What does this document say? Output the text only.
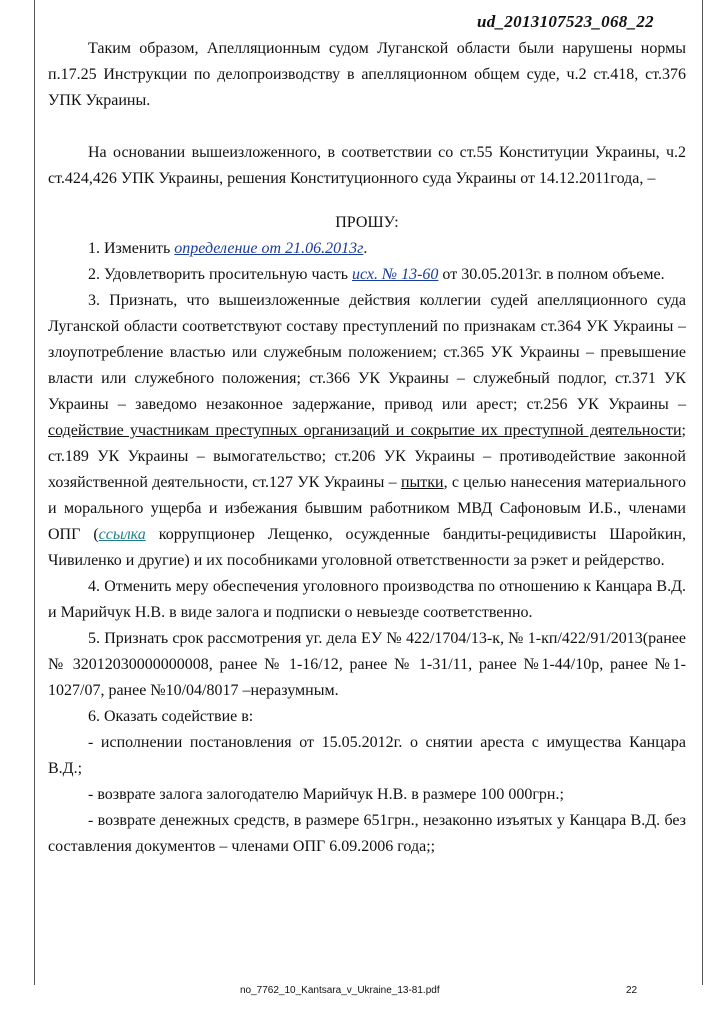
ud_2013107523_068_22

Таким образом, Апелляционным судом Луганской области были нарушены нормы п.17.25 Инструкции по делопроизводству в апелляционном общем суде, ч.2 ст.418, ст.376 УПК Украины.

На основании вышеизложенного, в соответствии со ст.55 Конституции Украины, ч.2 ст.424,426 УПК Украины, решения Конституционного суда Украины от 14.12.2011года, –

ПРОШУ:

1. Изменить определение от 21.06.2013г.

2. Удовлетворить просительную часть исх. № 13-60 от 30.05.2013г. в полном объеме.

3. Признать, что вышеизложенные действия коллегии судей апелляционного суда Луганской области соответствуют составу преступлений по признакам ст.364 УК Украины – злоупотребление властью или служебным положением; ст.365 УК Украины – превышение власти или служебного положения; ст.366 УК Украины – служебный подлог, ст.371 УК Украины – заведомо незаконное задержание, привод или арест; ст.256 УК Украины – содействие участникам преступных организаций и сокрытие их преступной деятельности; ст.189 УК Украины – вымогательство; ст.206 УК Украины – противодействие законной хозяйственной деятельности, ст.127 УК Украины – пытки, с целью нанесения материального и морального ущерба и избежания бывшим работником МВД Сафоновым И.Б., членами ОПГ (ссылка коррупционер Лещенко, осужденные бандиты-рецидивисты Шаройкин, Чивиленко и другие) и их пособниками уголовной ответственности за рэкет и рейдерство.

4. Отменить меру обеспечения уголовного производства по отношению к Канцара В.Д. и Марийчук Н.В. в виде залога и подписки о невыезде соответственно.

5. Признать срок рассмотрения уг. дела ЕУ № 422/1704/13-к, № 1-кп/422/91/2013(ранее № 32012030000000008, ранее № 1-16/12, ранее № 1-31/11, ранее №1-44/10р, ранее №1-1027/07, ранее №10/04/8017 –неразумным.

6. Оказать содействие в:

- исполнении постановления от 15.05.2012г. о снятии ареста с имущества Канцара В.Д.;

- возврате залога залогодателю Марийчук Н.В. в размере 100 000грн.;

- возврате денежных средств, в размере 651грн., незаконно изъятых у Канцара В.Д. без составления документов – членами ОПГ 6.09.2006 года;;

no_7762_10_Kantsara_v_Ukraine_13-81.pdf	22
